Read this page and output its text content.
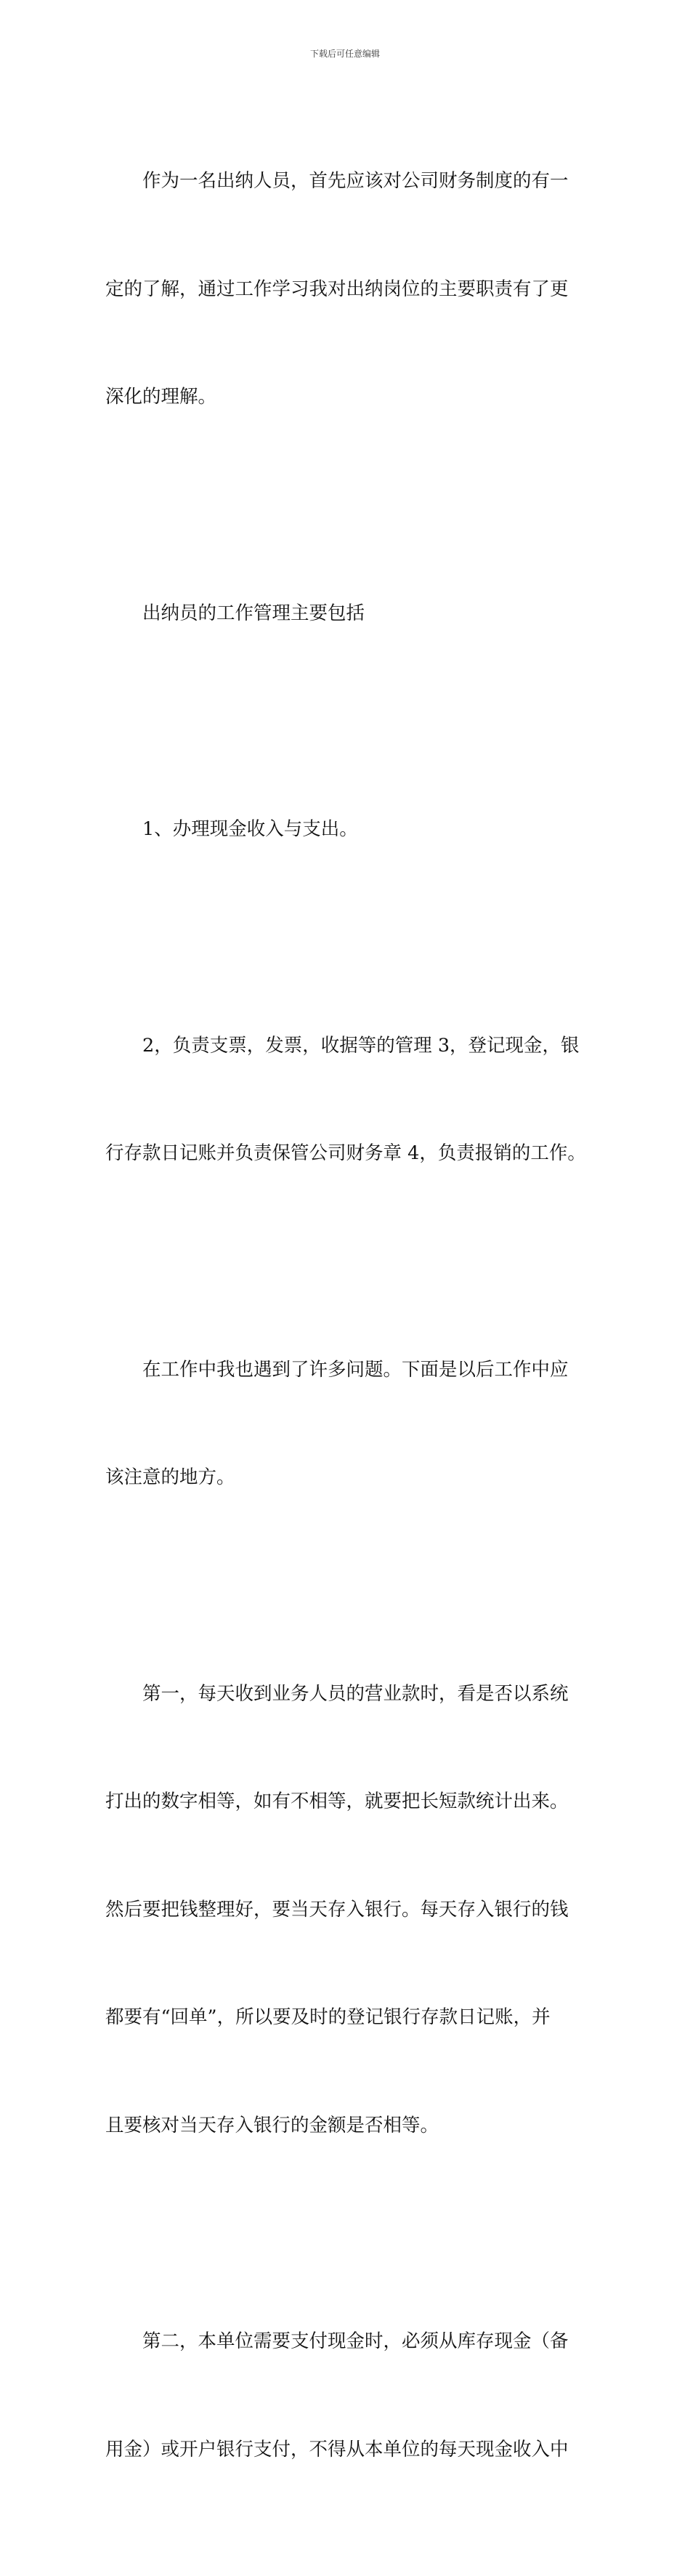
下载后可任意编辑

作为一名出纳人员，首先应该对公司财务制度的有一

定的了解，通过工作学习我对出纳岗位的主要职责有了更

深化的理解。

出纳员的工作管理主要包括

1、办理现金收入与支出。

2，负责支票，发票，收据等的管理 3，登记现金，银

行存款日记账并负责保管公司财务章 4，负责报销的工作。

在工作中我也遇到了许多问题。下面是以后工作中应

该注意的地方。

第一，每天收到业务人员的营业款时，看是否以系统

打出的数字相等，如有不相等，就要把长短款统计出来。

然后要把钱整理好，要当天存入银行。每天存入银行的钱

都要有“回单”，所以要及时的登记银行存款日记账，并

且要核对当天存入银行的金额是否相等。

第二，本单位需要支付现金时，必须从库存现金（备

用金）或开户银行支付，不得从本单位的每天现金收入中
